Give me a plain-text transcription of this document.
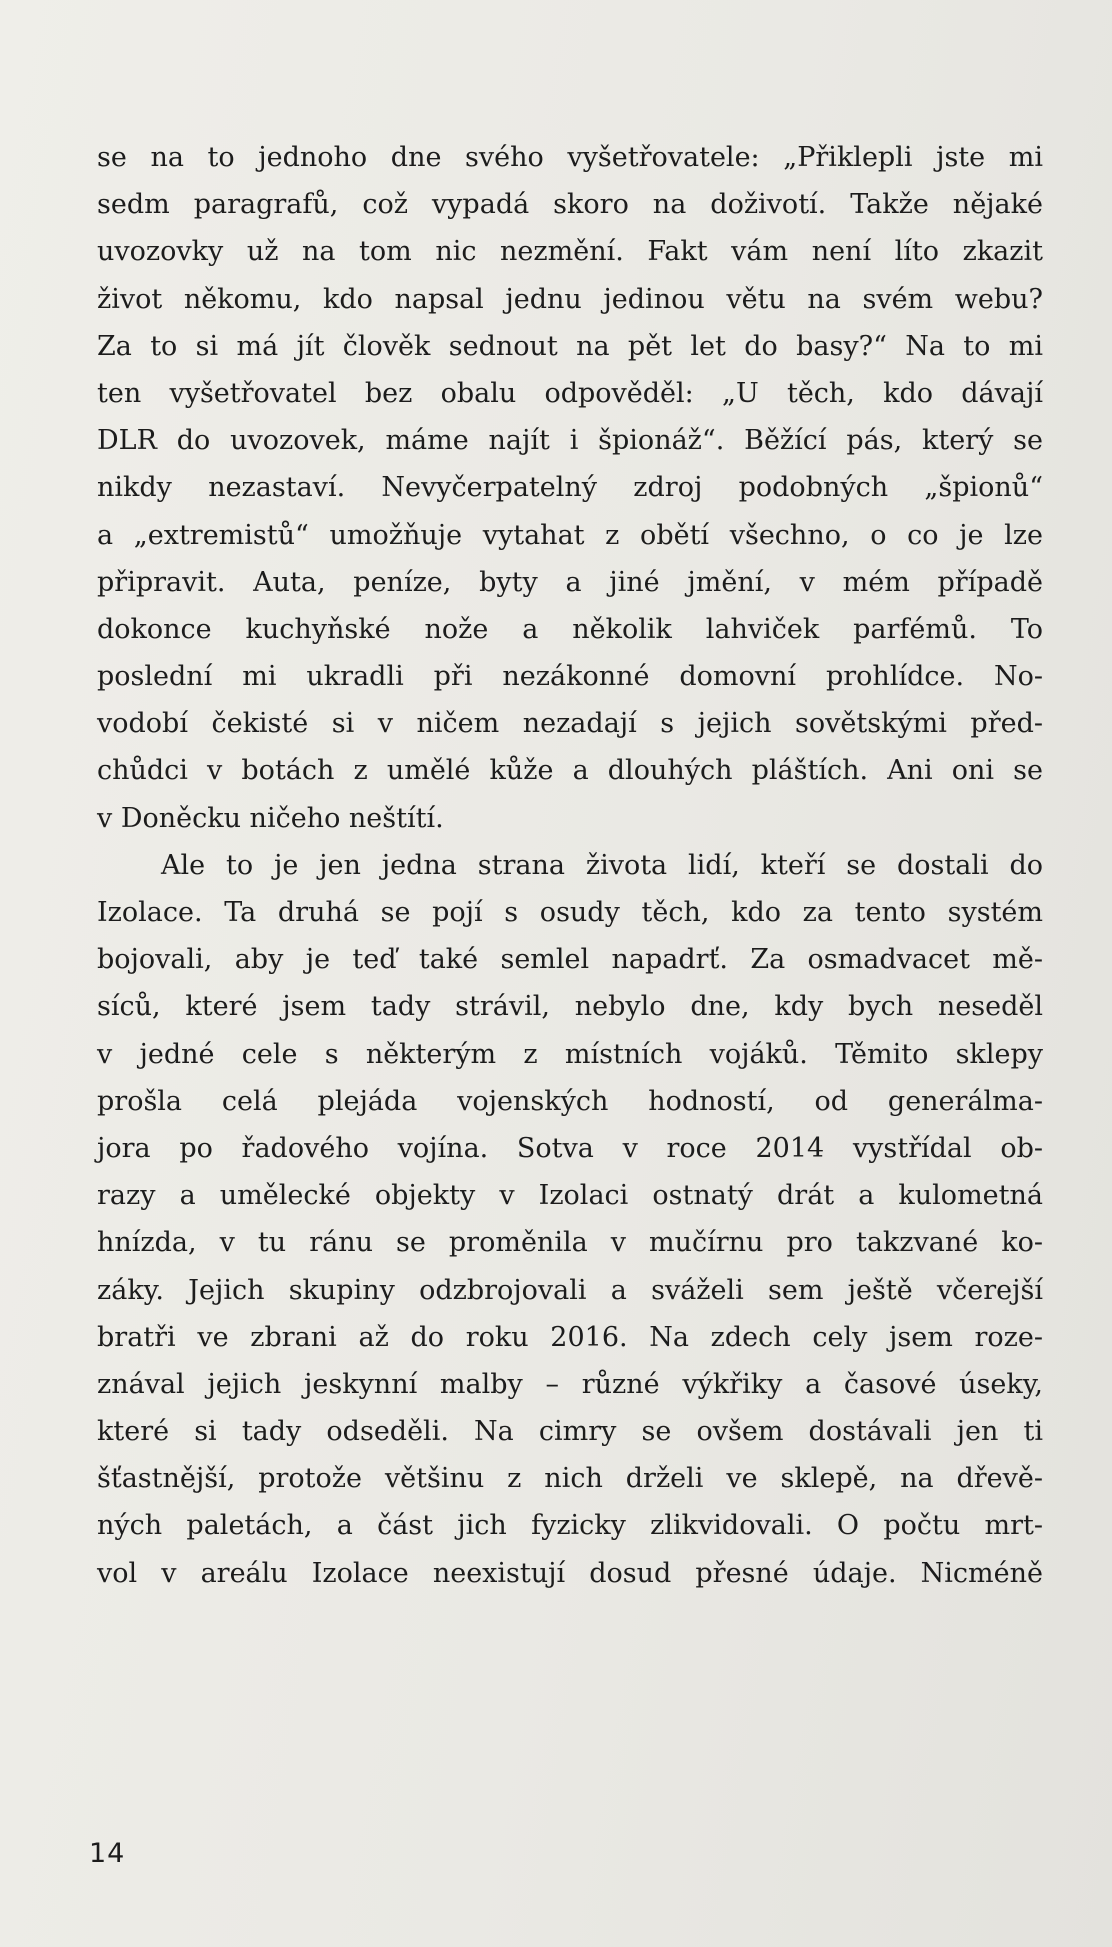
se na to jednoho dne svého vyšetřovatele: „Přiklepli jste mi
sedm paragrafů, což vypadá skoro na doživotí. Takže nějaké
uvozovky už na tom nic nezmění. Fakt vám není líto zkazit
život někomu, kdo napsal jednu jedinou větu na svém webu?
Za to si má jít člověk sednout na pět let do basy?“ Na to mi
ten vyšetřovatel bez obalu odpověděl: „U těch, kdo dávají
DLR do uvozovek, máme najít i špionáž“. Běžící pás, který se
nikdy nezastaví. Nevyčerpatelný zdroj podobných „špionů“
a „extremistů“ umožňuje vytahat z obětí všechno, o co je lze
připravit. Auta, peníze, byty a jiné jmění, v mém případě
dokonce kuchyňské nože a několik lahviček parfémů. To
poslední mi ukradli při nezákonné domovní prohlídce. No-
vodobí čekisté si v ničem nezadají s jejich sovětskými před-
chůdci v botách z umělé kůže a dlouhých pláštích. Ani oni se
v Doněcku ničeho neštítí.
Ale to je jen jedna strana života lidí, kteří se dostali do
Izolace. Ta druhá se pojí s osudy těch, kdo za tento systém
bojovali, aby je teď také semlel napadrť. Za osmadvacet mě-
síců, které jsem tady strávil, nebylo dne, kdy bych neseděl
v jedné cele s některým z místních vojáků. Těmito sklepy
prošla celá plejáda vojenských hodností, od generálma-
jora po řadového vojína. Sotva v roce 2014 vystřídal ob-
razy a umělecké objekty v Izolaci ostnatý drát a kulometná
hnízda, v tu ránu se proměnila v mučírnu pro takzvané ko-
záky. Jejich skupiny odzbrojovali a sváželi sem ještě včerejší
bratři ve zbrani až do roku 2016. Na zdech cely jsem roze-
znával jejich jeskynní malby – různé výkřiky a časové úseky,
které si tady odseděli. Na cimry se ovšem dostávali jen ti
šťastnější, protože většinu z nich drželi ve sklepě, na dřevě-
ných paletách, a část jich fyzicky zlikvidovali. O počtu mrt-
vol v areálu Izolace neexistují dosud přesné údaje. Nicméně
14
